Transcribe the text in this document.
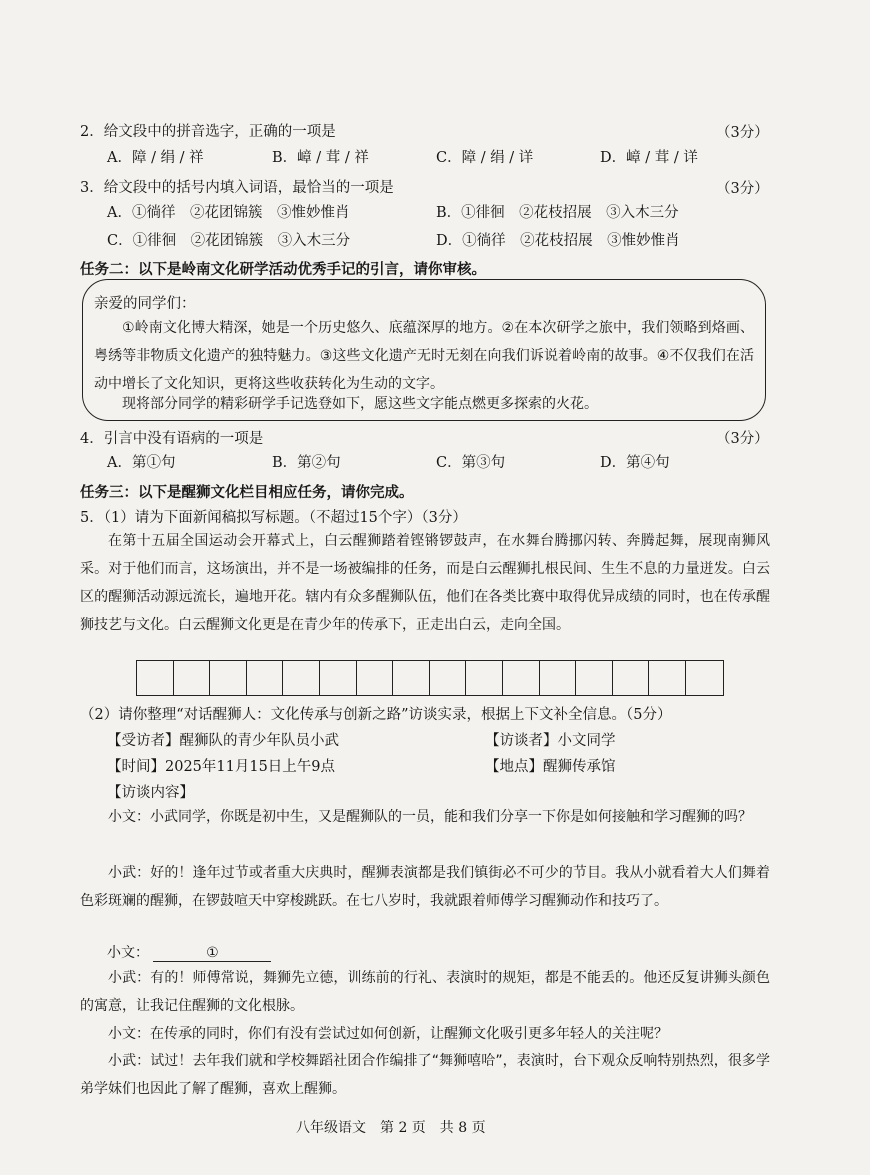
2．给文段中的拼音选字，正确的一项是	（3分）
A．障 / 绢 / 祥	B．嶂 / 茸 / 祥	C．障 / 绢 / 详	D．嶂 / 茸 / 详
3．给文段中的括号内填入词语，最恰当的一项是	（3分）
A．①徜徉　②花团锦簇　③惟妙惟肖	B．①徘徊　②花枝招展　③入木三分
C．①徘徊　②花团锦簇　③入木三分	D．①徜徉　②花枝招展　③惟妙惟肖
任务二：以下是岭南文化研学活动优秀手记的引言，请你审核。
亲爱的同学们：
①岭南文化博大精深，她是一个历史悠久、底蕴深厚的地方。②在本次研学之旅中，我们领略到烙画、粤绣等非物质文化遗产的独特魅力。③这些文化遗产无时无刻在向我们诉说着岭南的故事。④不仅我们在活动中增长了文化知识，更将这些收获转化为生动的文字。
现将部分同学的精彩研学手记选登如下，愿这些文字能点燃更多探索的火花。
4．引言中没有语病的一项是	（3分）
A．第①句	B．第②句	C．第③句	D．第④句
任务三：以下是醒狮文化栏目相应任务，请你完成。
5．（1）请为下面新闻稿拟写标题。（不超过15个字）（3分）
在第十五届全国运动会开幕式上，白云醒狮踏着铿锵锣鼓声，在水舞台腾挪闪转、奔腾起舞，展现南狮风采。对于他们而言，这场演出，并不是一场被编排的任务，而是白云醒狮扎根民间、生生不息的力量迸发。白云区的醒狮活动源远流长，遍地开花。辖内有众多醒狮队伍，他们在各类比赛中取得优异成绩的同时，也在传承醒狮技艺与文化。白云醒狮文化更是在青少年的传承下，正走出白云，走向全国。
（2）请你整理“对话醒狮人：文化传承与创新之路”访谈实录，根据上下文补全信息。（5分）
【受访者】醒狮队的青少年队员小武	【访谈者】小文同学
【时间】2025年11月15日上午9点	【地点】醒狮传承馆
【访谈内容】
小文：小武同学，你既是初中生，又是醒狮队的一员，能和我们分享一下你是如何接触和学习醒狮的吗？
小武：好的！逢年过节或者重大庆典时，醒狮表演都是我们镇街必不可少的节目。我从小就看着大人们舞着色彩斑斓的醒狮，在锣鼓喧天中穿梭跳跃。在七八岁时，我就跟着师傅学习醒狮动作和技巧了。
小文：	①
小武：有的！师傅常说，舞狮先立德，训练前的行礼、表演时的规矩，都是不能丢的。他还反复讲狮头颜色的寓意，让我记住醒狮的文化根脉。
小文：在传承的同时，你们有没有尝试过如何创新，让醒狮文化吸引更多年轻人的关注呢？
小武：试过！去年我们就和学校舞蹈社团合作编排了“舞狮嘻哈”，表演时，台下观众反响特别热烈，很多学弟学妹们也因此了解了醒狮，喜欢上醒狮。
八年级语文　第 2 页　共 8 页
